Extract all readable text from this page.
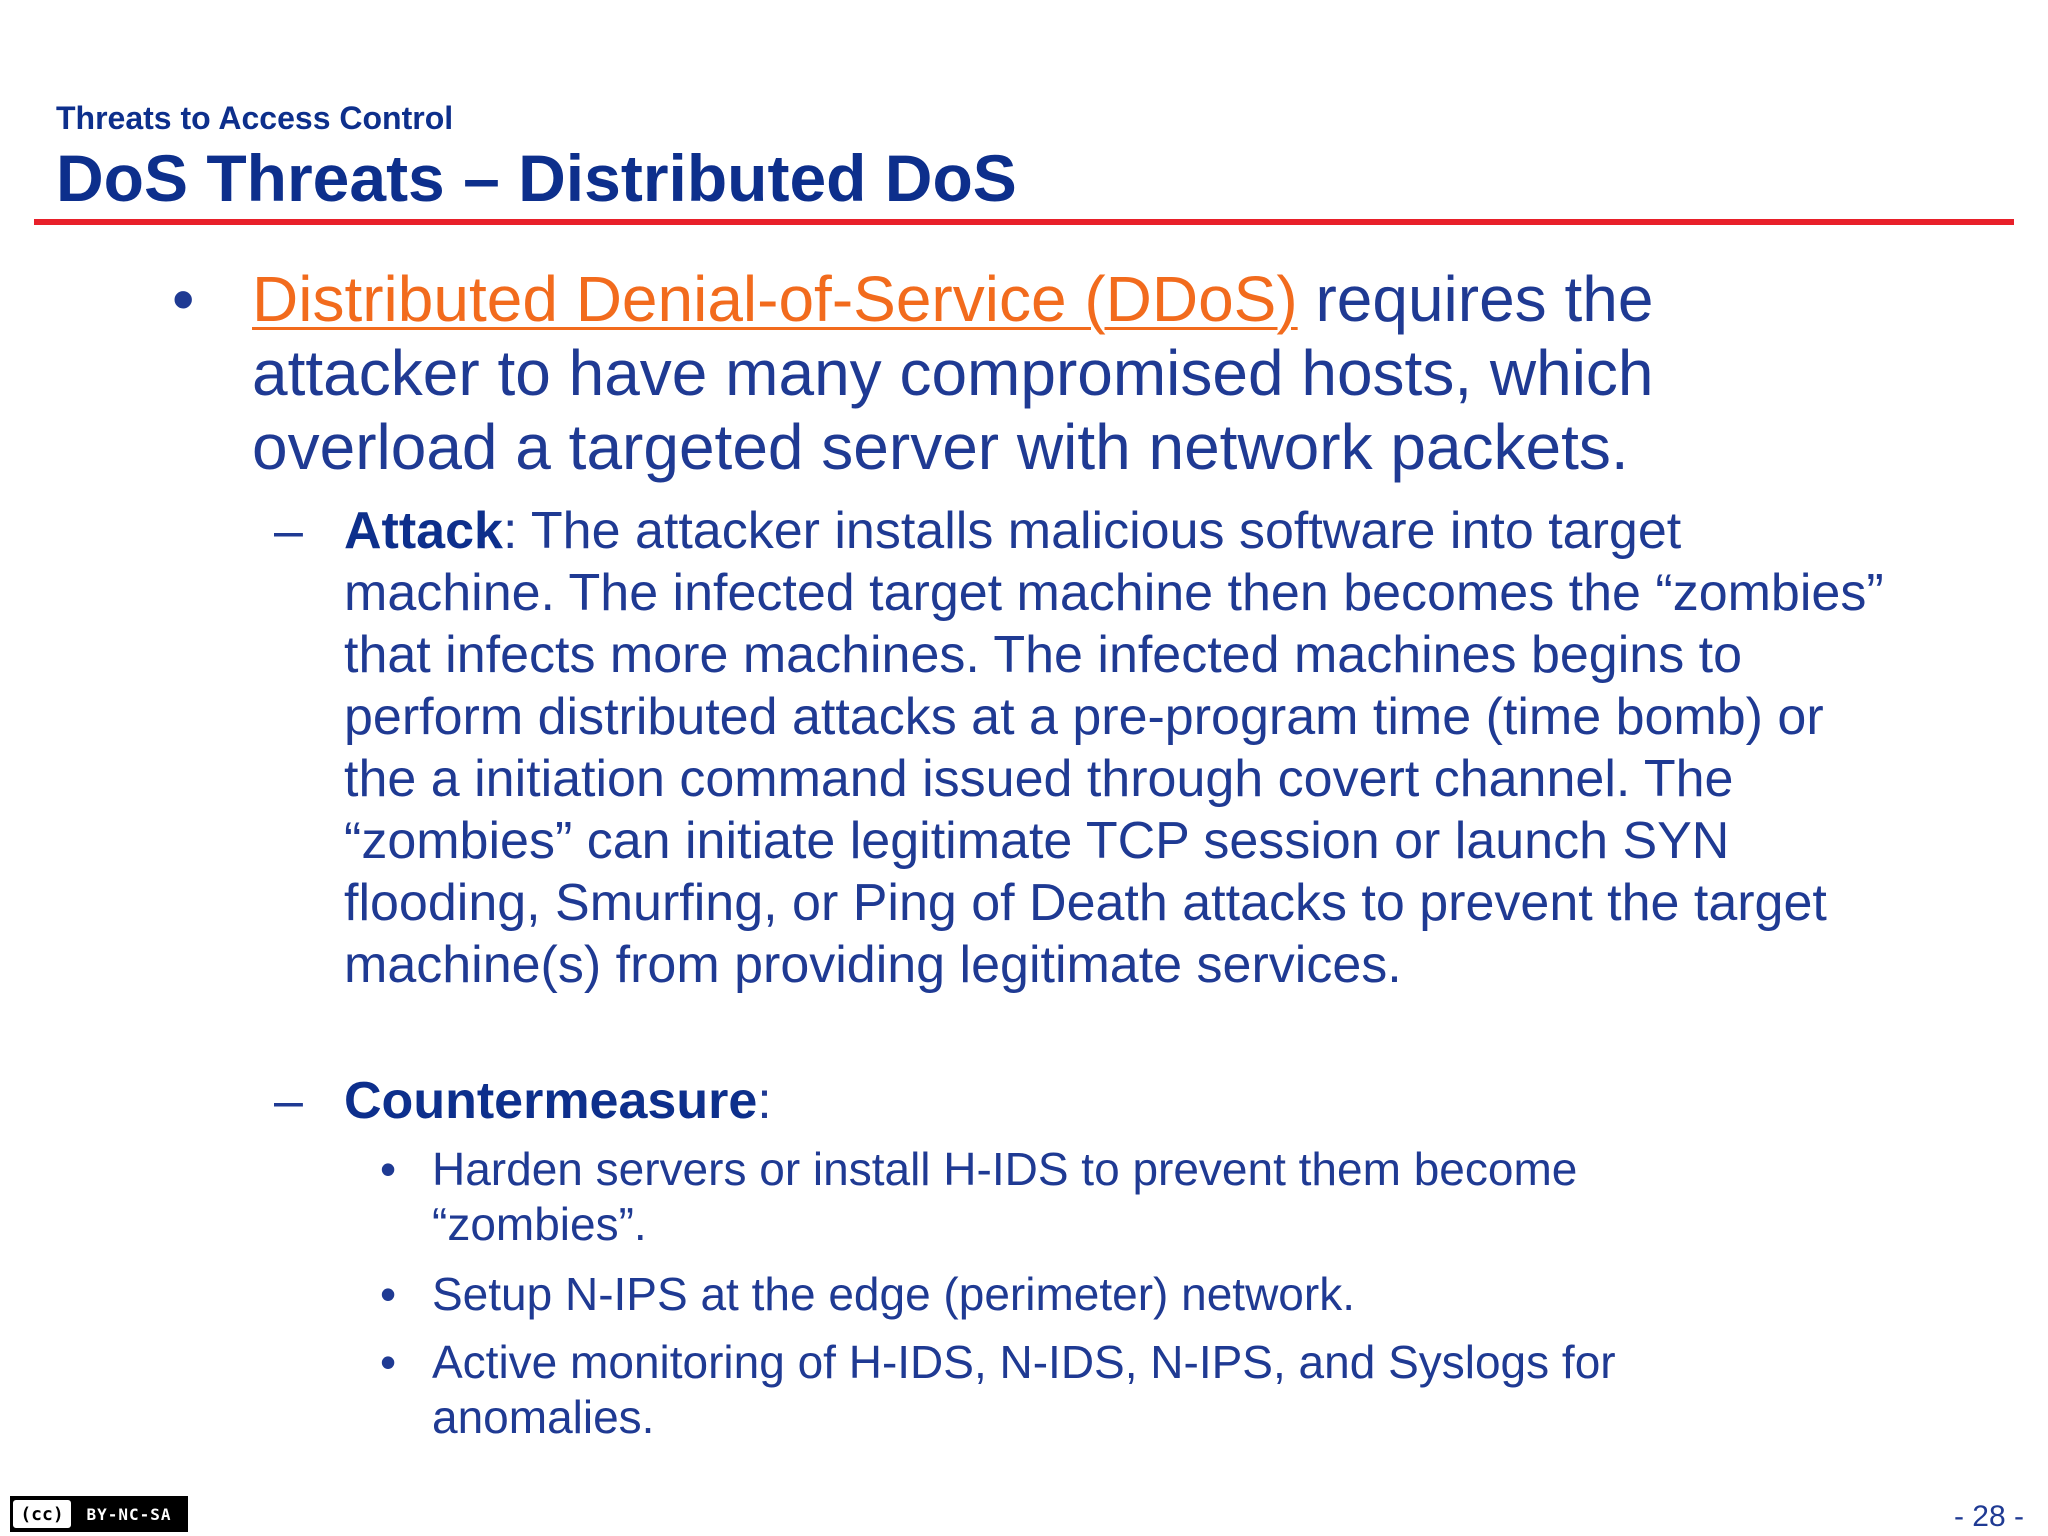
Threats to Access Control
DoS Threats – Distributed DoS
• Distributed Denial-of-Service (DDoS) requires the attacker to have many compromised hosts, which overload a targeted server with network packets.
– Attack: The attacker installs malicious software into target machine. The infected target machine then becomes the “zombies” that infects more machines. The infected machines begins to perform distributed attacks at a pre-program time (time bomb) or the a initiation command issued through covert channel. The “zombies” can initiate legitimate TCP session or launch SYN flooding, Smurfing, or Ping of Death attacks to prevent the target machine(s) from providing legitimate services.
– Countermeasure:
• Harden servers or install H-IDS to prevent them become “zombies”.
• Setup N-IPS at the edge (perimeter) network.
• Active monitoring of H-IDS, N-IDS, N-IPS, and Syslogs for anomalies.
(cc)	BY-NC-SA	- 28 -
